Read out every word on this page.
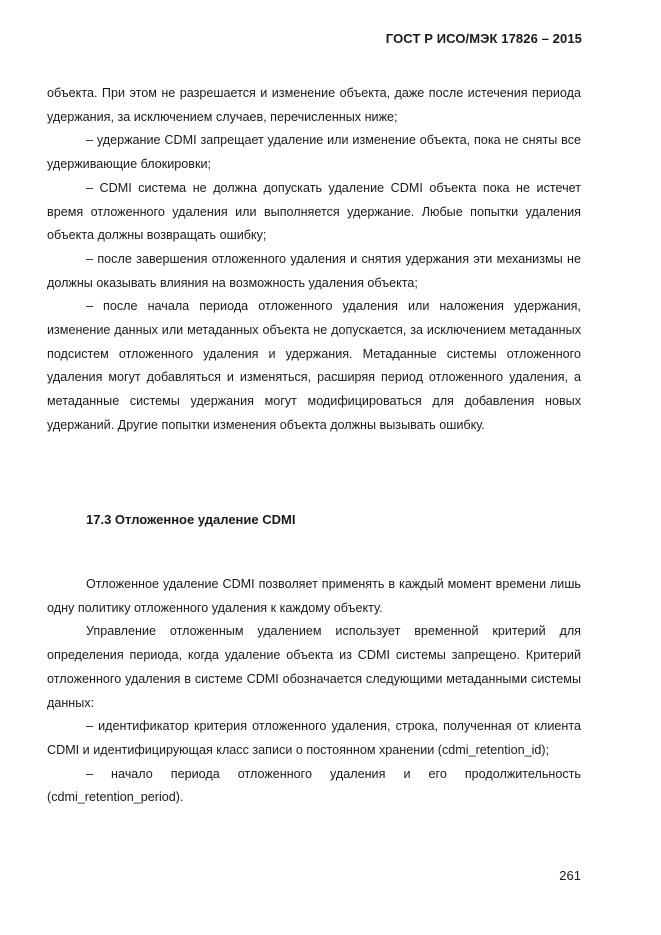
ГОСТ Р ИСО/МЭК 17826 – 2015

объекта. При этом не разрешается и изменение объекта, даже после истечения периода удержания, за исключением случаев, перечисленных ниже;

– удержание CDMI запрещает удаление или изменение объекта, пока не сняты все удерживающие блокировки;

– CDMI система не должна допускать удаление CDMI объекта пока не истечет время отложенного удаления или выполняется удержание. Любые попытки удаления объекта должны возвращать ошибку;

– после завершения отложенного удаления и снятия удержания эти механизмы не должны оказывать влияния на возможность удаления объекта;

– после начала периода отложенного удаления или наложения удержания, изменение данных или метаданных объекта не допускается, за исключением метаданных подсистем отложенного удаления и удержания. Метаданные системы отложенного удаления могут добавляться и изменяться, расширяя период отложенного удаления, а метаданные системы удержания могут модифицироваться для добавления новых удержаний. Другие попытки изменения объекта должны вызывать ошибку.

17.3 Отложенное удаление CDMI

Отложенное удаление CDMI позволяет применять в каждый момент времени лишь одну политику отложенного удаления к каждому объекту.

Управление отложенным удалением использует временной критерий для определения периода, когда удаление объекта из CDMI системы запрещено. Критерий отложенного удаления в системе CDMI обозначается следующими метаданными системы данных:

– идентификатор критерия отложенного удаления, строка, полученная от клиента CDMI и идентифицирующая класс записи о постоянном хранении (cdmi_retention_id);

– начало периода отложенного удаления и его продолжительность (cdmi_retention_period).

261
